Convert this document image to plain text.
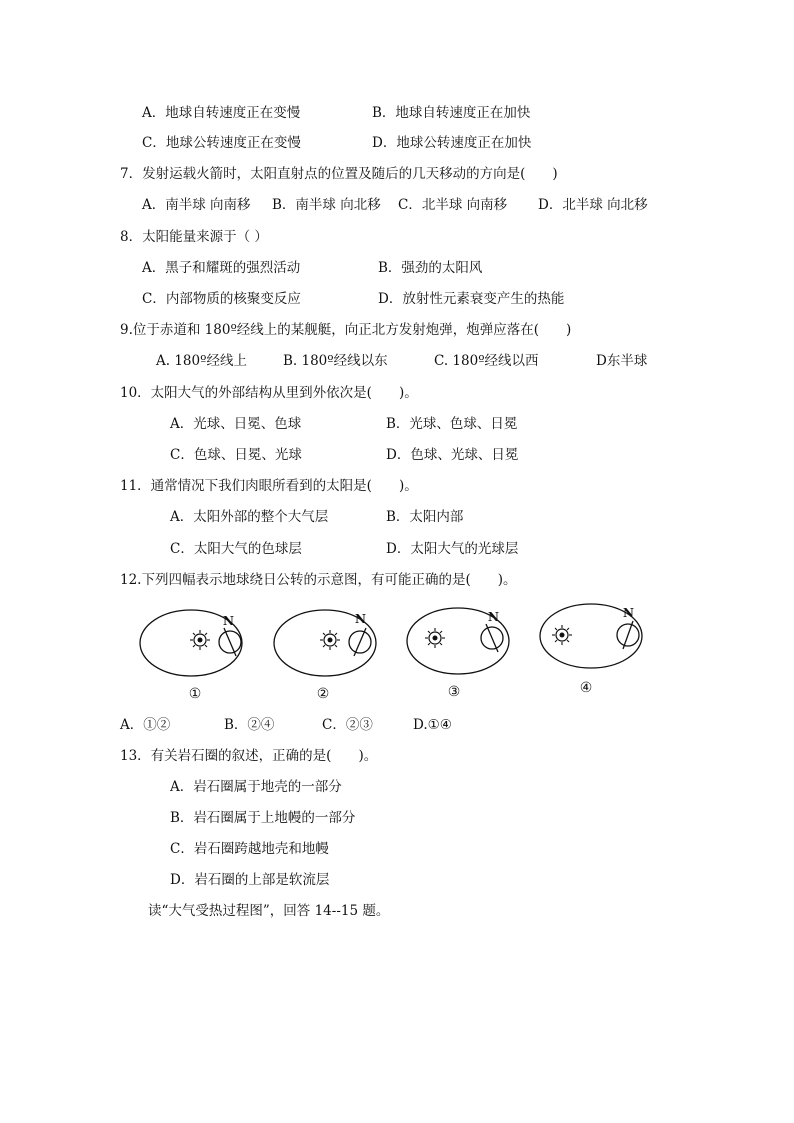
A．地球自转速度正在变慢	B．地球自转速度正在加快
C．地球公转速度正在变慢	D．地球公转速度正在加快
7．发射运载火箭时，太阳直射点的位置及随后的几天移动的方向是(　　)
A．南半球 向南移 B．南半球 向北移 C．北半球 向南移 D．北半球 向北移
8．太阳能量来源于（ ）
A．黑子和耀斑的强烈活动	B．强劲的太阳风
C．内部物质的核聚变反应	D．放射性元素衰变产生的热能
9.位于赤道和 180º经线上的某舰艇，向正北方发射炮弹，炮弹应落在(　　)
A. 180º经线上	B. 180º经线以东	C. 180º经线以西	D东半球
10．太阳大气的外部结构从里到外依次是(　　)。
A．光球、日冕、色球	B．光球、色球、日冕
C．色球、日冕、光球	D．色球、光球、日冕
11．通常情况下我们肉眼所看到的太阳是(　　)。
A．太阳外部的整个大气层	B．太阳内部
C．太阳大气的色球层	D．太阳大气的光球层
12.下列四幅表示地球绕日公转的示意图，有可能正确的是(　　)。
N
①
N
②
N
③
N
④
A．①②	B．②④	C．②③	D.①④
13．有关岩石圈的叙述，正确的是(　　)。
A．岩石圈属于地壳的一部分
B．岩石圈属于上地幔的一部分
C．岩石圈跨越地壳和地幔
D．岩石圈的上部是软流层
读“大气受热过程图”，回答 14--15 题。
